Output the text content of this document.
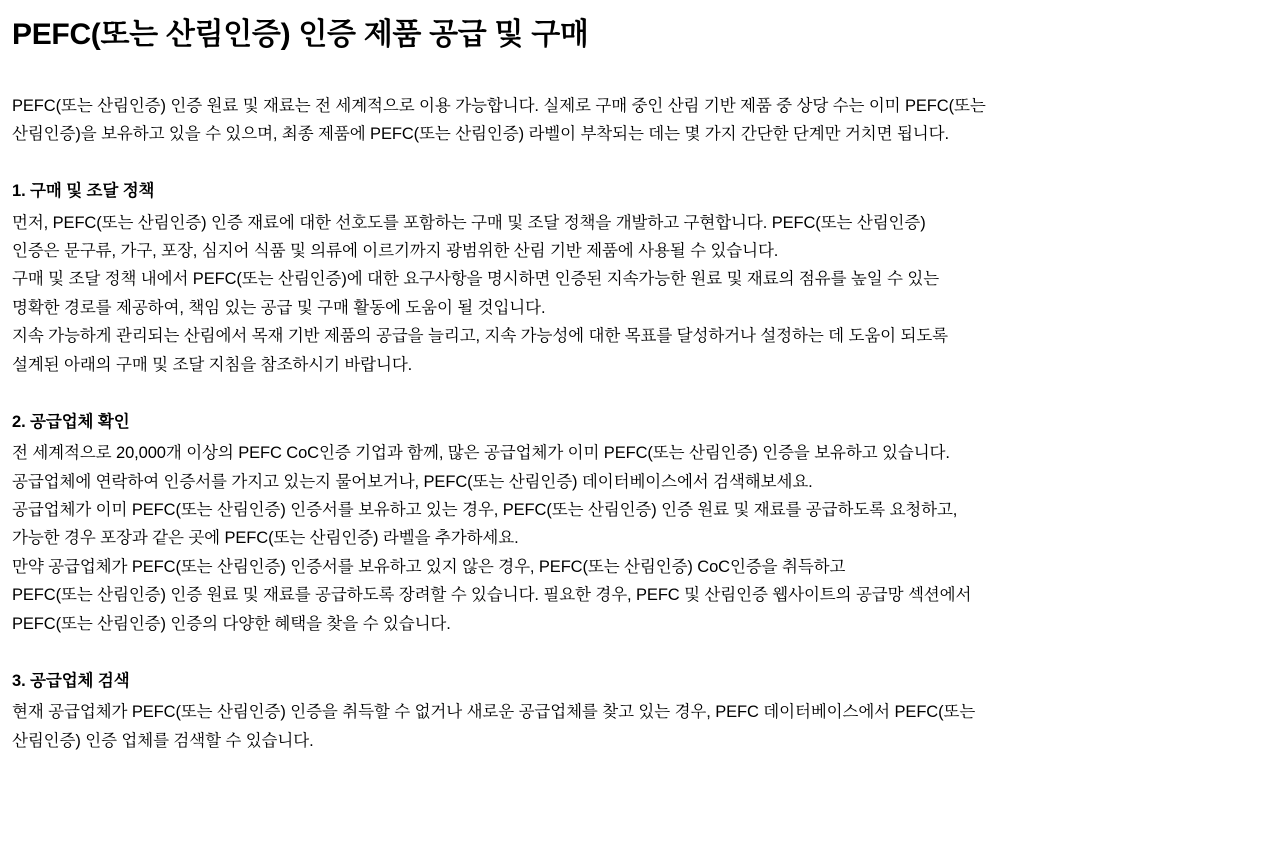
PEFC(또는 산림인증) 인증 제품 공급 및 구매
PEFC(또는 산림인증) 인증 원료 및 재료는 전 세계적으로 이용 가능합니다. 실제로 구매 중인 산림 기반 제품 중 상당 수는 이미 PEFC(또는
산림인증)을 보유하고 있을 수 있으며, 최종 제품에 PEFC(또는 산림인증) 라벨이 부착되는 데는 몇 가지 간단한 단계만 거치면 됩니다.
1. 구매 및 조달 정책
먼저, PEFC(또는 산림인증) 인증 재료에 대한 선호도를 포함하는 구매 및 조달 정책을 개발하고 구현합니다. PEFC(또는 산림인증)
인증은 문구류, 가구, 포장, 심지어 식품 및 의류에 이르기까지 광범위한 산림 기반 제품에 사용될 수 있습니다.
구매 및 조달 정책 내에서 PEFC(또는 산림인증)에 대한 요구사항을 명시하면 인증된 지속가능한 원료 및 재료의 점유를 높일 수 있는
명확한 경로를 제공하여, 책임 있는 공급 및 구매 활동에 도움이 될 것입니다.
지속 가능하게 관리되는 산림에서 목재 기반 제품의 공급을 늘리고, 지속 가능성에 대한 목표를 달성하거나 설정하는 데 도움이 되도록
설계된 아래의 구매 및 조달 지침을 참조하시기 바랍니다.
2. 공급업체 확인
전 세계적으로 20,000개 이상의 PEFC CoC인증 기업과 함께, 많은 공급업체가 이미 PEFC(또는 산림인증) 인증을 보유하고 있습니다.
공급업체에 연락하여 인증서를 가지고 있는지 물어보거나, PEFC(또는 산림인증) 데이터베이스에서 검색해보세요.
공급업체가 이미 PEFC(또는 산림인증) 인증서를 보유하고 있는 경우, PEFC(또는 산림인증) 인증 원료 및 재료를 공급하도록 요청하고,
가능한 경우 포장과 같은 곳에 PEFC(또는 산림인증) 라벨을 추가하세요.
만약 공급업체가 PEFC(또는 산림인증) 인증서를 보유하고 있지 않은 경우, PEFC(또는 산림인증) CoC인증을 취득하고
PEFC(또는 산림인증) 인증 원료 및 재료를 공급하도록 장려할 수 있습니다. 필요한 경우, PEFC 및 산림인증 웹사이트의 공급망 섹션에서
PEFC(또는 산림인증) 인증의 다양한 혜택을 찾을 수 있습니다.
3. 공급업체 검색
현재 공급업체가 PEFC(또는 산림인증) 인증을 취득할 수 없거나 새로운 공급업체를 찾고 있는 경우, PEFC 데이터베이스에서 PEFC(또는
산림인증) 인증 업체를 검색할 수 있습니다.
